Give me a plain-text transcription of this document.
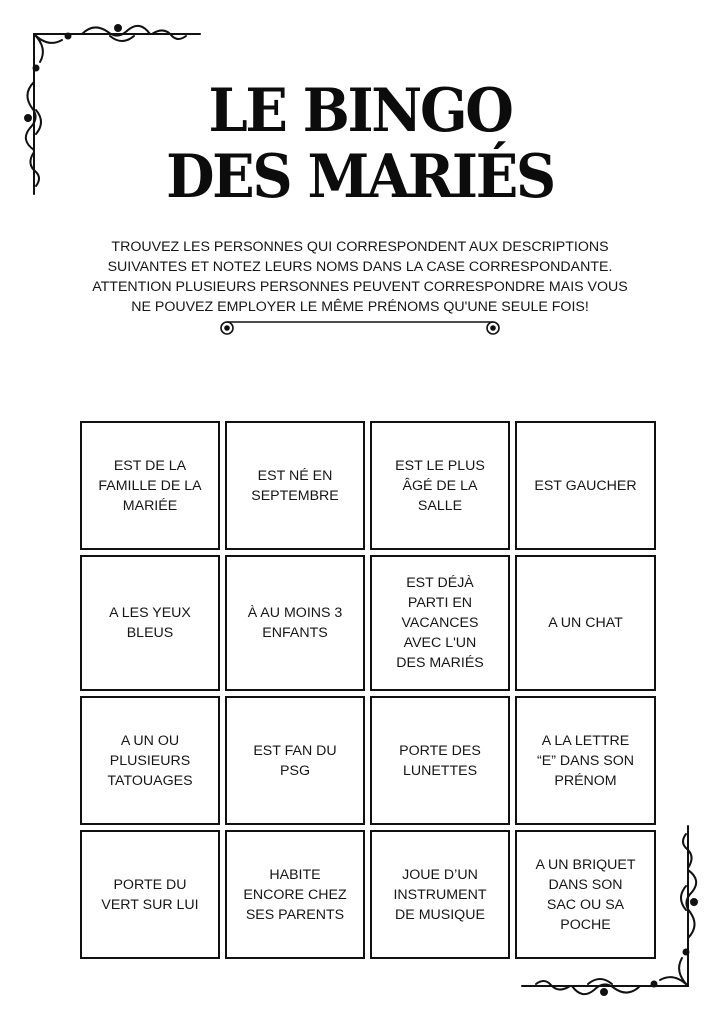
LE BINGO
DES MARIÉS
TROUVEZ LES PERSONNES QUI CORRESPONDENT AUX DESCRIPTIONS
SUIVANTES ET NOTEZ LEURS NOMS DANS LA CASE CORRESPONDANTE.
ATTENTION PLUSIEURS PERSONNES PEUVENT CORRESPONDRE MAIS VOUS
NE POUVEZ EMPLOYER LE MÊME PRÉNOMS QU'UNE SEULE FOIS!
EST DE LA
FAMILLE DE LA
MARIÉE
EST NÉ EN
SEPTEMBRE
EST LE PLUS
ÂGÉ DE LA
SALLE
EST GAUCHER
A LES YEUX
BLEUS
À AU MOINS 3
ENFANTS
EST DÉJÀ
PARTI EN
VACANCES
AVEC L'UN
DES MARIÉS
A UN CHAT
A UN OU
PLUSIEURS
TATOUAGES
EST FAN DU
PSG
PORTE DES
LUNETTES
A LA LETTRE
“E” DANS SON
PRÉNOM
PORTE DU
VERT SUR LUI
HABITE
ENCORE CHEZ
SES PARENTS
JOUE D’UN
INSTRUMENT
DE MUSIQUE
A UN BRIQUET
DANS SON
SAC OU SA
POCHE
